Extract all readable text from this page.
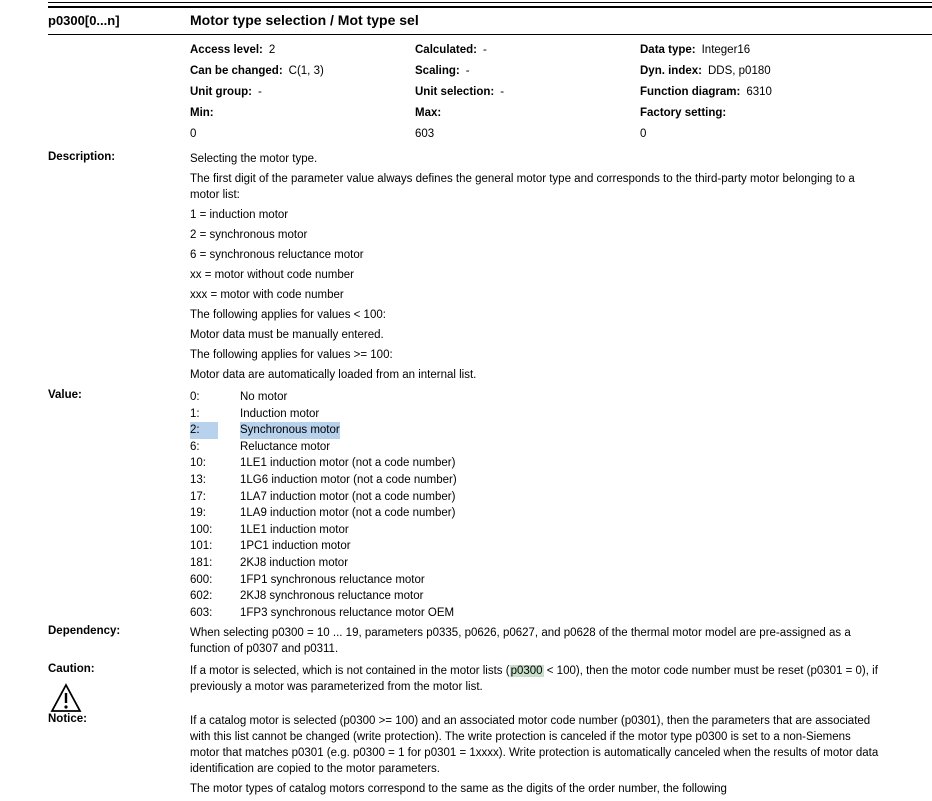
p0300[0...n]	Motor type selection / Mot type sel
Access level: 2	Calculated: -	Data type: Integer16
Can be changed: C(1, 3)	Scaling: -	Dyn. index: DDS, p0180
Unit group: -	Unit selection: -	Function diagram: 6310
Min:	Max:	Factory setting:
0	603	0
Description:	Selecting the motor type.

The first digit of the parameter value always defines the general motor type and corresponds to the third-party motor belonging to a motor list:

1 = induction motor

2 = synchronous motor

6 = synchronous reluctance motor

xx = motor without code number

xxx = motor with code number

The following applies for values < 100:

Motor data must be manually entered.

The following applies for values >= 100:

Motor data are automatically loaded from an internal list.

Value:	0:	No motor
1:	Induction motor
2:	Synchronous motor
6:	Reluctance motor
10:	1LE1 induction motor (not a code number)
13:	1LG6 induction motor (not a code number)
17:	1LA7 induction motor (not a code number)
19:	1LA9 induction motor (not a code number)
100:	1LE1 induction motor
101:	1PC1 induction motor
181:	2KJ8 induction motor
600:	1FP1 synchronous reluctance motor
602:	2KJ8 synchronous reluctance motor
603:	1FP3 synchronous reluctance motor OEM
Dependency:	When selecting p0300 = 10 ... 19, parameters p0335, p0626, p0627, and p0628 of the thermal motor model are pre-assigned as a function of p0307 and p0311.

Caution:	If a motor is selected, which is not contained in the motor lists (p0300 < 100), then the motor code number must be reset (p0301 = 0), if previously a motor was parameterized from the motor list.

Notice:	If a catalog motor is selected (p0300 >= 100) and an associated motor code number (p0301), then the parameters that are associated with this list cannot be changed (write protection). The write protection is canceled if the motor type p0300 is set to a non-Siemens motor that matches p0301 (e.g. p0300 = 1 for p0301 = 1xxxx). Write protection is automatically canceled when the results of motor data identification are copied to the motor parameters.

The motor types of catalog motors correspond to the same as the digits of the order number, the following
